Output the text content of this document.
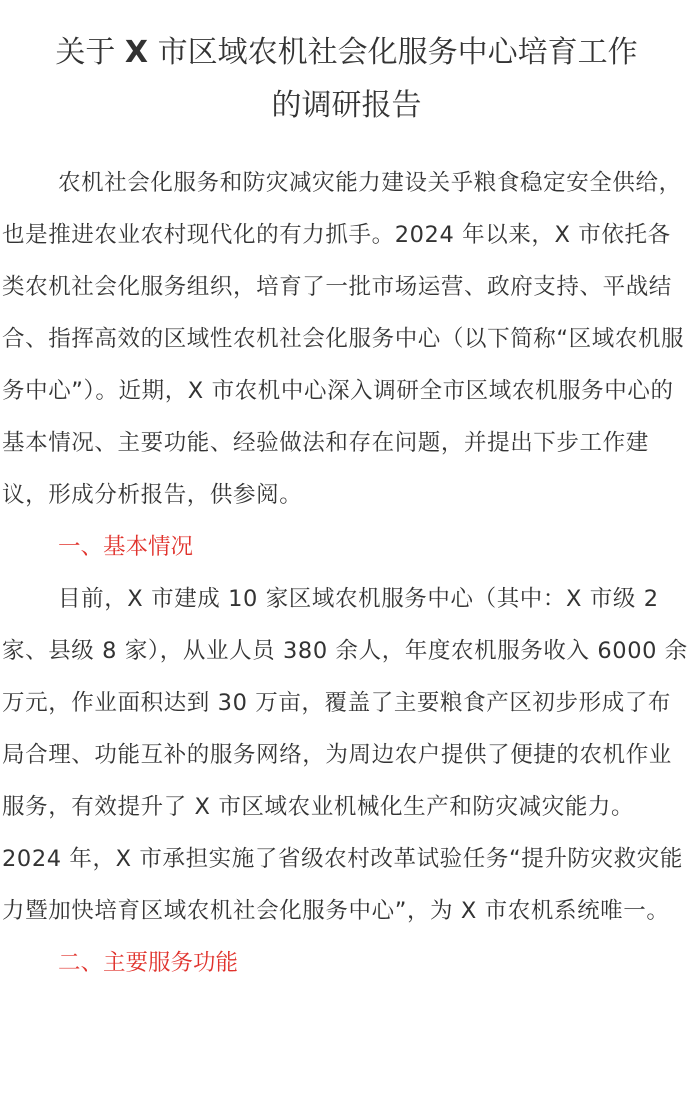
关于 X 市区域农机社会化服务中心培育工作
的调研报告

农机社会化服务和防灾减灾能力建设关乎粮食稳定安全供给，也是推进农业农村现代化的有力抓手。2024 年以来，X 市依托各类农机社会化服务组织，培育了一批市场运营、政府支持、平战结合、指挥高效的区域性农机社会化服务中心（以下简称“区域农机服务中心”）。近期，X 市农机中心深入调研全市区域农机服务中心的基本情况、主要功能、经验做法和存在问题，并提出下步工作建议，形成分析报告，供参阅。

一、基本情况

目前，X 市建成 10 家区域农机服务中心（其中：X 市级 2 家、县级 8 家），从业人员 380 余人，年度农机服务收入 6000 余万元，作业面积达到 30 万亩，覆盖了主要粮食产区初步形成了布局合理、功能互补的服务网络，为周边农户提供了便捷的农机作业服务，有效提升了 X 市区域农业机械化生产和防灾减灾能力。2024 年，X 市承担实施了省级农村改革试验任务“提升防灾救灾能力暨加快培育区域农机社会化服务中心”，为 X 市农机系统唯一。

二、主要服务功能
